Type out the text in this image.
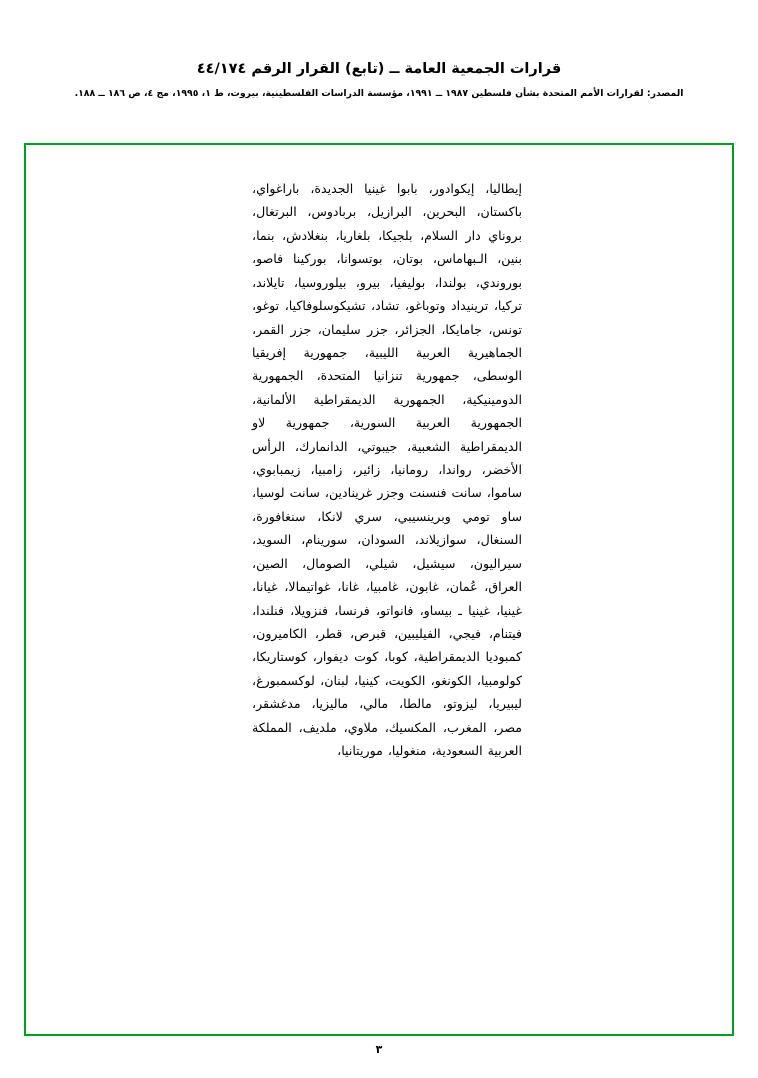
قرارات الجمعية العامة ــ (تابع) القرار الرقم ٤٤/١٧٤
المصدر: لقرارات الأمم المتحدة بشأن فلسطين ١٩٨٧ ــ ١٩٩١، مؤسسة الدراسات الفلسطينية، بيروت، ط ١، ١٩٩٥، مج ٤، ص ١٨٦ ــ ١٨٨.
إيطاليا، إيكوادور، بابوا غينيا الجديدة، باراغواي، باكستان، البحرين، البرازيل، بربادوس، البرتغال، بروناي دار السلام، بلجيكا، بلغاريا، بنغلادش، بنما، بنين، الـبهاماس، بوتان، بوتسوانا، بوركينا فاصو، بوروندي، بولندا، بوليفيا، بيرو، بيلوروسيا، تايلاند، تركيا، ترينيداد وتوباغو، تشاد، تشيكوسلوفاكيا، توغو، تونس، جامايكا، الجزائر، جزر سليمان، جزر القمر، الجماهيرية العربية الليبية، جمهورية إفريقيا الوسطى، جمهورية تنزانيا المتحدة، الجمهورية الدومينيكية، الجمهورية الديمقراطية الألمانية، الجمهورية العربية السورية، جمهورية لاو الديمقراطية الشعبية، جيبوتي، الدانمارك، الرأس الأخضر، رواندا، رومانيا، زائير، زامبيا، زيمبابوي، ساموا، سانت فنسنت وجزر غرينادين، سانت لوسيا، ساو تومي وبرينسيبي، سري لانكا، سنغافورة، السنغال، سوازيلاند، السودان، سورينام، السويد، سيراليون، سيشيل، شيلي، الصومال، الصين، العراق، عُمان، غابون، غامبيا، غانا، غواتيمالا، غيانا، غينيا، غينيا ـ بيساو، فانواتو، فرنسا، فنزويلا، فنلندا، فيتنام، فيجي، الفيليبين، قبرص، قطر، الكاميرون، كمبوديا الديمقراطية، كوبا، كوت ديفوار، كوستاريكا، كولومبيا، الكونغو، الكويت، كينيا، لبنان، لوكسمبورغ، ليبيريا، ليزوتو، مالطا، مالي، ماليزيا، مدغشقر، مصر، المغرب، المكسيك، ملاوي، ملديف، المملكة العربية السعودية، منغوليا، موريتانيا،
٣
